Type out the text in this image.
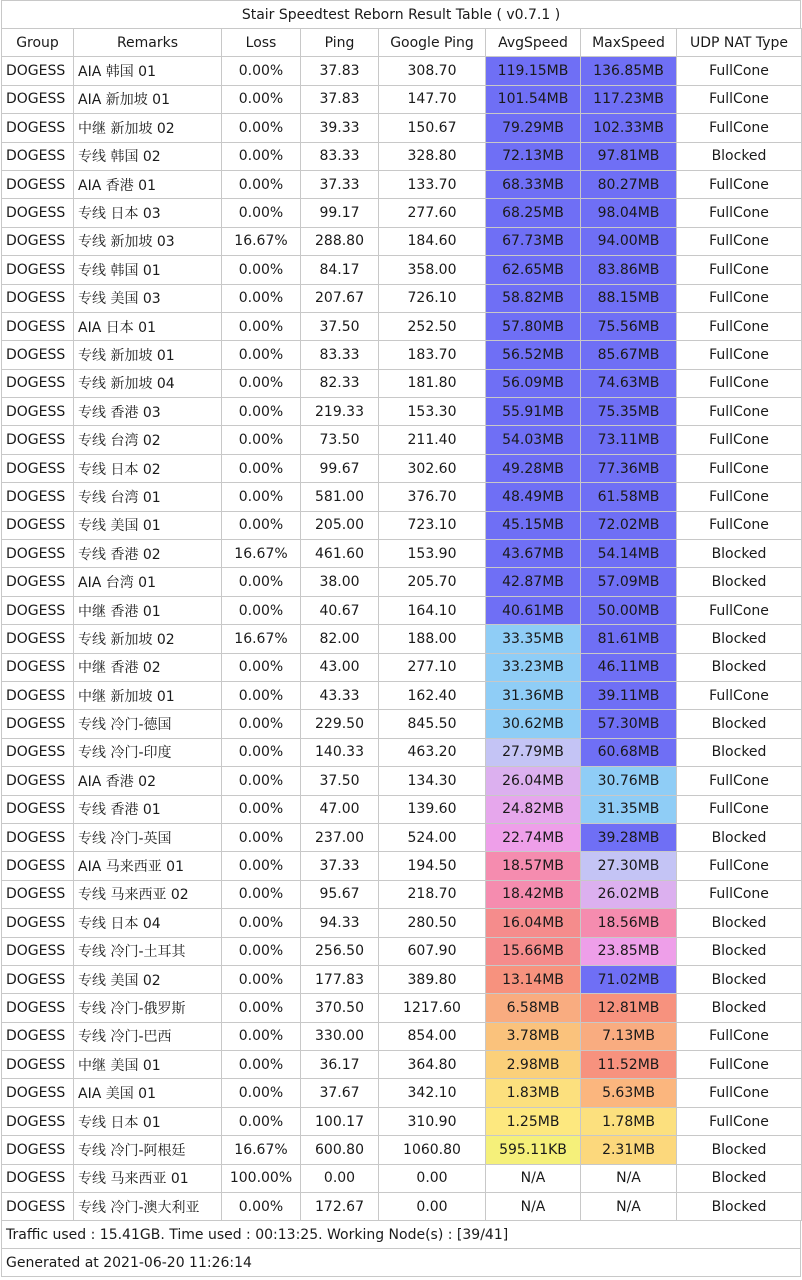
Stair Speedtest Reborn Result Table ( v0.7.1 )
Group	Remarks	Loss	Ping	Google Ping	AvgSpeed	MaxSpeed	UDP NAT Type
DOGESS	AIA 韩国 01	0.00%	37.83	308.70	119.15MB	136.85MB	FullCone
DOGESS	AIA 新加坡 01	0.00%	37.83	147.70	101.54MB	117.23MB	FullCone
DOGESS	中继 新加坡 02	0.00%	39.33	150.67	79.29MB	102.33MB	FullCone
DOGESS	专线 韩国 02	0.00%	83.33	328.80	72.13MB	97.81MB	Blocked
DOGESS	AIA 香港 01	0.00%	37.33	133.70	68.33MB	80.27MB	FullCone
DOGESS	专线 日本 03	0.00%	99.17	277.60	68.25MB	98.04MB	FullCone
DOGESS	专线 新加坡 03	16.67%	288.80	184.60	67.73MB	94.00MB	FullCone
DOGESS	专线 韩国 01	0.00%	84.17	358.00	62.65MB	83.86MB	FullCone
DOGESS	专线 美国 03	0.00%	207.67	726.10	58.82MB	88.15MB	FullCone
DOGESS	AIA 日本 01	0.00%	37.50	252.50	57.80MB	75.56MB	FullCone
DOGESS	专线 新加坡 01	0.00%	83.33	183.70	56.52MB	85.67MB	FullCone
DOGESS	专线 新加坡 04	0.00%	82.33	181.80	56.09MB	74.63MB	FullCone
DOGESS	专线 香港 03	0.00%	219.33	153.30	55.91MB	75.35MB	FullCone
DOGESS	专线 台湾 02	0.00%	73.50	211.40	54.03MB	73.11MB	FullCone
DOGESS	专线 日本 02	0.00%	99.67	302.60	49.28MB	77.36MB	FullCone
DOGESS	专线 台湾 01	0.00%	581.00	376.70	48.49MB	61.58MB	FullCone
DOGESS	专线 美国 01	0.00%	205.00	723.10	45.15MB	72.02MB	FullCone
DOGESS	专线 香港 02	16.67%	461.60	153.90	43.67MB	54.14MB	Blocked
DOGESS	AIA 台湾 01	0.00%	38.00	205.70	42.87MB	57.09MB	Blocked
DOGESS	中继 香港 01	0.00%	40.67	164.10	40.61MB	50.00MB	FullCone
DOGESS	专线 新加坡 02	16.67%	82.00	188.00	33.35MB	81.61MB	Blocked
DOGESS	中继 香港 02	0.00%	43.00	277.10	33.23MB	46.11MB	Blocked
DOGESS	中继 新加坡 01	0.00%	43.33	162.40	31.36MB	39.11MB	FullCone
DOGESS	专线 冷门-德国	0.00%	229.50	845.50	30.62MB	57.30MB	Blocked
DOGESS	专线 冷门-印度	0.00%	140.33	463.20	27.79MB	60.68MB	Blocked
DOGESS	AIA 香港 02	0.00%	37.50	134.30	26.04MB	30.76MB	FullCone
DOGESS	专线 香港 01	0.00%	47.00	139.60	24.82MB	31.35MB	FullCone
DOGESS	专线 冷门-英国	0.00%	237.00	524.00	22.74MB	39.28MB	Blocked
DOGESS	AIA 马来西亚 01	0.00%	37.33	194.50	18.57MB	27.30MB	FullCone
DOGESS	专线 马来西亚 02	0.00%	95.67	218.70	18.42MB	26.02MB	FullCone
DOGESS	专线 日本 04	0.00%	94.33	280.50	16.04MB	18.56MB	Blocked
DOGESS	专线 冷门-土耳其	0.00%	256.50	607.90	15.66MB	23.85MB	Blocked
DOGESS	专线 美国 02	0.00%	177.83	389.80	13.14MB	71.02MB	Blocked
DOGESS	专线 冷门-俄罗斯	0.00%	370.50	1217.60	6.58MB	12.81MB	Blocked
DOGESS	专线 冷门-巴西	0.00%	330.00	854.00	3.78MB	7.13MB	FullCone
DOGESS	中继 美国 01	0.00%	36.17	364.80	2.98MB	11.52MB	FullCone
DOGESS	AIA 美国 01	0.00%	37.67	342.10	1.83MB	5.63MB	FullCone
DOGESS	专线 日本 01	0.00%	100.17	310.90	1.25MB	1.78MB	FullCone
DOGESS	专线 冷门-阿根廷	16.67%	600.80	1060.80	595.11KB	2.31MB	Blocked
DOGESS	专线 马来西亚 01	100.00%	0.00	0.00	N/A	N/A	Blocked
DOGESS	专线 冷门-澳大利亚	0.00%	172.67	0.00	N/A	N/A	Blocked
Traffic used : 15.41GB. Time used : 00:13:25. Working Node(s) : [39/41]
Generated at 2021-06-20 11:26:14
